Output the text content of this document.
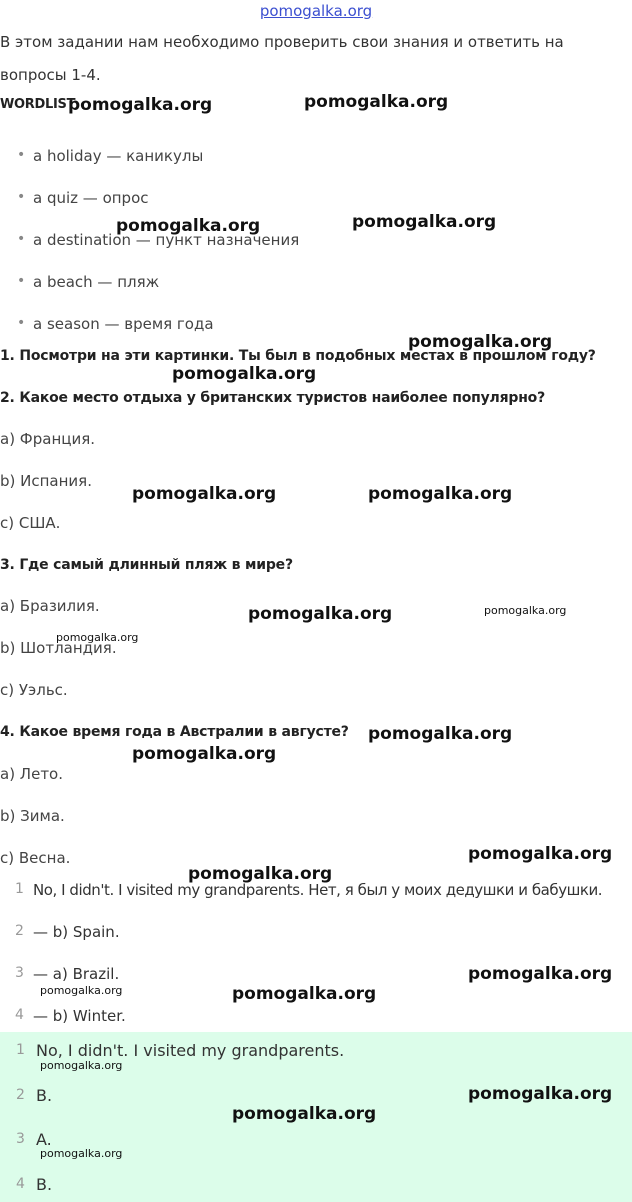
pomogalka.org
В этом задании нам необходимо проверить свои знания и ответить на
вопросы 1-4.
WORDLIST
• a holiday — каникулы
• a quiz — опрос
• a destination — пункт назначения
• a beach — пляж
• a season — время года
1. Посмотри на эти картинки. Ты был в подобных местах в прошлом году?
2. Какое место отдыха у британских туристов наиболее популярно?
a) Франция.
b) Испания.
c) США.
3. Где самый длинный пляж в мире?
a) Бразилия.
b) Шотландия.
c) Уэльс.
4. Какое время года в Австралии в августе?
a) Лето.
b) Зима.
c) Весна.
1 No, I didn't. I visited my grandparents. Нет, я был у моих дедушки и бабушки.
2 — b) Spain.
3 — a) Brazil.
4 — b) Winter.
1 No, I didn't. I visited my grandparents.
2 B.
3 A.
4 B.
pomogalka.org	pomogalka.org
pomogalka.org	pomogalka.org
pomogalka.org
pomogalka.org
pomogalka.org	pomogalka.org
pomogalka.org	pomogalka.org
pomogalka.org
pomogalka.org
pomogalka.org
pomogalka.org
pomogalka.org
pomogalka.org
pomogalka.org	pomogalka.org
pomogalka.org
pomogalka.org
pomogalka.org
pomogalka.org
